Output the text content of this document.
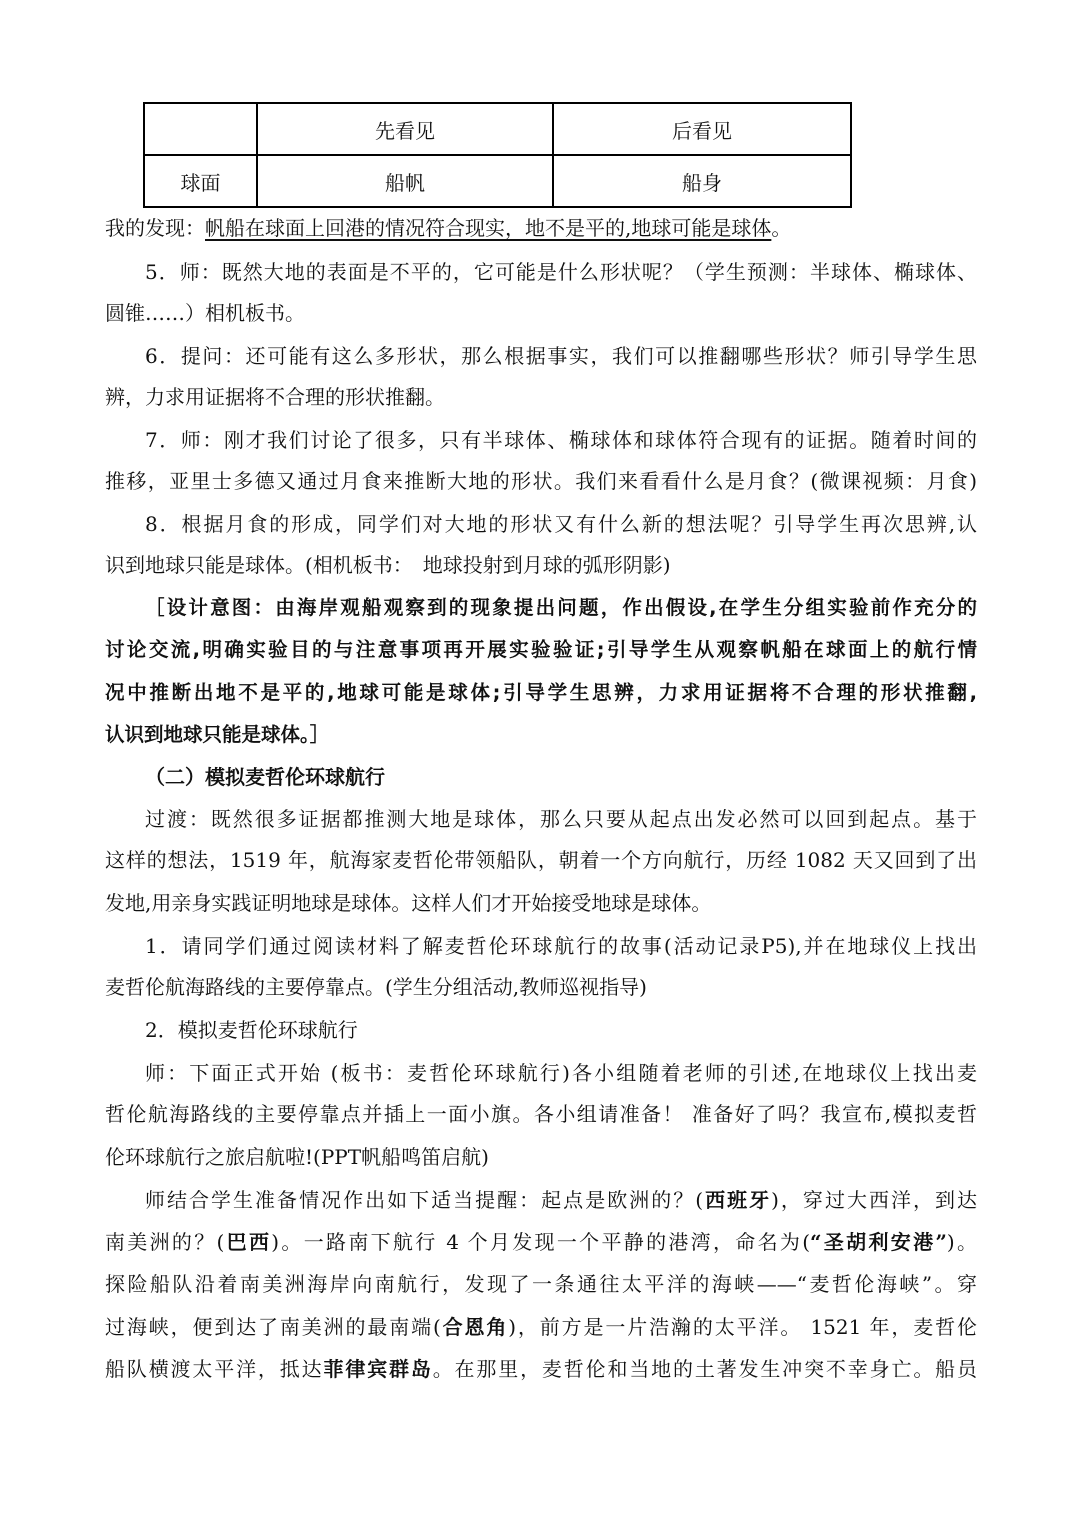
	先看见	后看见
球面	船帆	船身
我的发现：帆船在球面上回港的情况符合现实，地不是平的,地球可能是球体。
5．师：既然大地的表面是不平的，它可能是什么形状呢？（学生预测：半球体、椭球体、
圆锥……）相机板书。
6．提问：还可能有这么多形状，那么根据事实，我们可以推翻哪些形状？师引导学生思
辨，力求用证据将不合理的形状推翻。
7．师：刚才我们讨论了很多，只有半球体、椭球体和球体符合现有的证据。随着时间的
推移，亚里士多德又通过月食来推断大地的形状。我们来看看什么是月食？(微课视频：月食)
8．根据月食的形成，同学们对大地的形状又有什么新的想法呢？引导学生再次思辨,认
识到地球只能是球体。(相机板书：　地球投射到月球的弧形阴影)
［设计意图：由海岸观船观察到的现象提出问题，作出假设,在学生分组实验前作充分的
讨论交流,明确实验目的与注意事项再开展实验验证;引导学生从观察帆船在球面上的航行情
况中推断出地不是平的,地球可能是球体;引导学生思辨，力求用证据将不合理的形状推翻,
认识到地球只能是球体。］
（二）模拟麦哲伦环球航行
过渡：既然很多证据都推测大地是球体，那么只要从起点出发必然可以回到起点。基于
这样的想法，1519 年，航海家麦哲伦带领船队，朝着一个方向航行，历经 1082 天又回到了出
发地,用亲身实践证明地球是球体。这样人们才开始接受地球是球体。
1．请同学们通过阅读材料了解麦哲伦环球航行的故事(活动记录P5),并在地球仪上找出
麦哲伦航海路线的主要停靠点。(学生分组活动,教师巡视指导)
2．模拟麦哲伦环球航行
师：下面正式开始 (板书：麦哲伦环球航行)各小组随着老师的引述,在地球仪上找出麦
哲伦航海路线的主要停靠点并插上一面小旗。各小组请准备！ 准备好了吗？我宣布,模拟麦哲
伦环球航行之旅启航啦!(PPT帆船鸣笛启航)
师结合学生准备情况作出如下适当提醒：起点是欧洲的？(西班牙)，穿过大西洋，到达
南美洲的？(巴西)。一路南下航行 4 个月发现一个平静的港湾，命名为(“圣胡利安港”)。
探险船队沿着南美洲海岸向南航行，发现了一条通往太平洋的海峡——“麦哲伦海峡”。穿
过海峡，便到达了南美洲的最南端(合恩角)，前方是一片浩瀚的太平洋。 1521 年，麦哲伦
船队横渡太平洋，抵达菲律宾群岛。在那里，麦哲伦和当地的土著发生冲突不幸身亡。船员
